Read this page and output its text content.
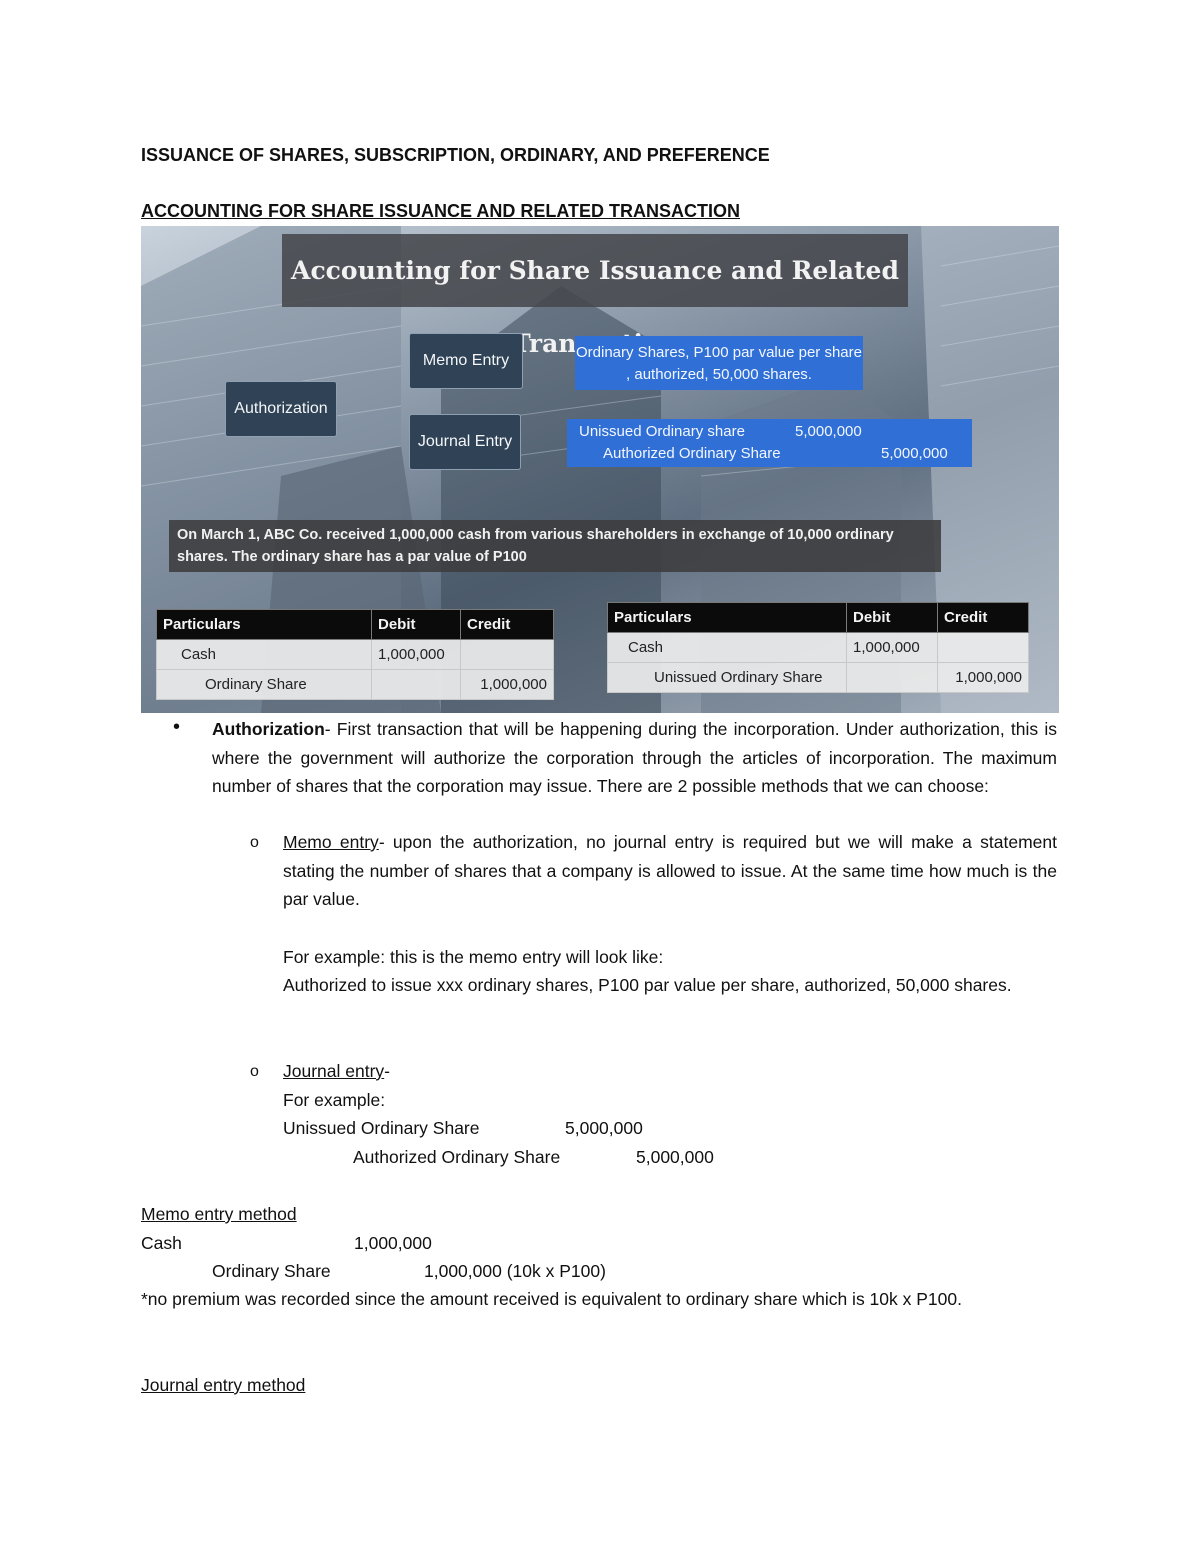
ISSUANCE OF SHARES, SUBSCRIPTION, ORDINARY, AND PREFERENCE
ACCOUNTING FOR SHARE ISSUANCE AND RELATED TRANSACTION
Accounting for Share Issuance and Related
Memo Entry
Journal Entry
Authorization
Ordinary Shares, P100 par value per share , authorized, 50,000 shares.
Unissued Ordinary share	5,000,000
Authorized Ordinary Share	5,000,000
On March 1, ABC Co. received 1,000,000 cash from various shareholders in exchange of 10,000 ordinary shares. The ordinary share has a par value of P100
Particulars	Debit	Credit
Cash	1,000,000	
Ordinary Share		1,000,000
Particulars	Debit	Credit
Cash	1,000,000	
Unissued Ordinary Share		1,000,000
• Authorization- First transaction that will be happening during the incorporation. Under authorization, this is where the government will authorize the corporation through the articles of incorporation. The maximum number of shares that the corporation may issue. There are 2 possible methods that we can choose:
o Memo entry- upon the authorization, no journal entry is required but we will make a statement stating the number of shares that a company is allowed to issue. At the same time how much is the par value.
For example: this is the memo entry will look like:
Authorized to issue xxx ordinary shares, P100 par value per share, authorized, 50,000 shares.
o Journal entry-
For example:
Unissued Ordinary Share	5,000,000
Authorized Ordinary Share	5,000,000
Memo entry method
Cash	1,000,000
Ordinary Share	1,000,000 (10k x P100)
*no premium was recorded since the amount received is equivalent to ordinary share which is 10k x P100.
Journal entry method
